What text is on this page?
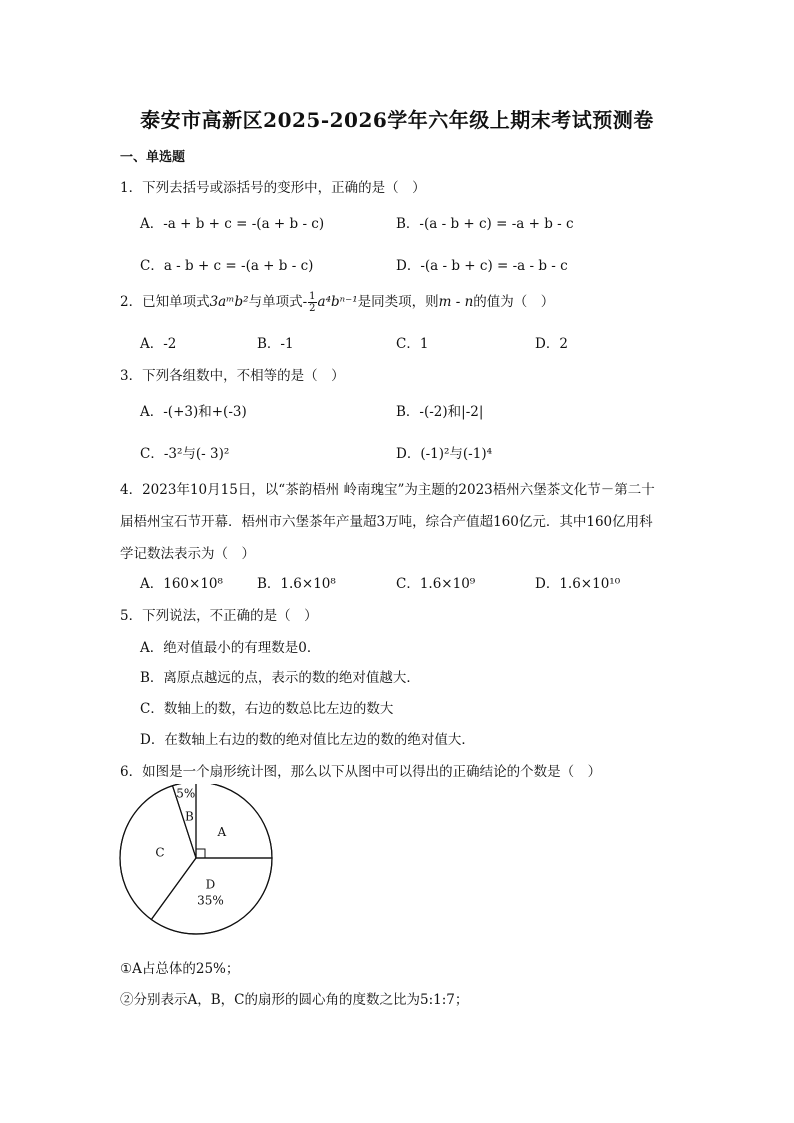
泰安市高新区2025-2026学年六年级上期末考试预测卷
一、单选题
1．下列去括号或添括号的变形中，正确的是（　）
A．-a + b + c = -(a + b - c)	B．-(a - b + c) = -a + b - c
C．a - b + c = -(a + b - c)	D．-(a - b + c) = -a - b - c
2．已知单项式3aᵐb²与单项式- $\frac{1}{2} a^4b^{n-1}$是同类项，则m - n的值为（　）
A．-2	B．-1	C．1	D．2
3．下列各组数中，不相等的是（　）
A．-(+3)和+(-3)	B．-(-2)和|-2|
C．-3²与(- 3)²	D．(-1)²与(-1)⁴
4．2023年10月15日，以“茶韵梧州 岭南瑰宝”为主题的2023梧州六堡茶文化节－第二十
届梧州宝石节开幕．梧州市六堡茶年产量超3万吨，综合产值超160亿元．其中160亿用科
学记数法表示为（　）
A．160×10⁸	B．1.6×10⁸	C．1.6×10⁹	D．1.6×10¹⁰
5．下列说法，不正确的是（　）
A．绝对值最小的有理数是0．
B．离原点越远的点，表示的数的绝对值越大．
C．数轴上的数，右边的数总比左边的数大
D．在数轴上右边的数的绝对值比左边的数的绝对值大．
6．如图是一个扇形统计图，那么以下从图中可以得出的正确结论的个数是（　）
A
D
35%
C
B
5%
①A占总体的25%；
②分别表示A，B，C的扇形的圆心角的度数之比为5:1:7；
